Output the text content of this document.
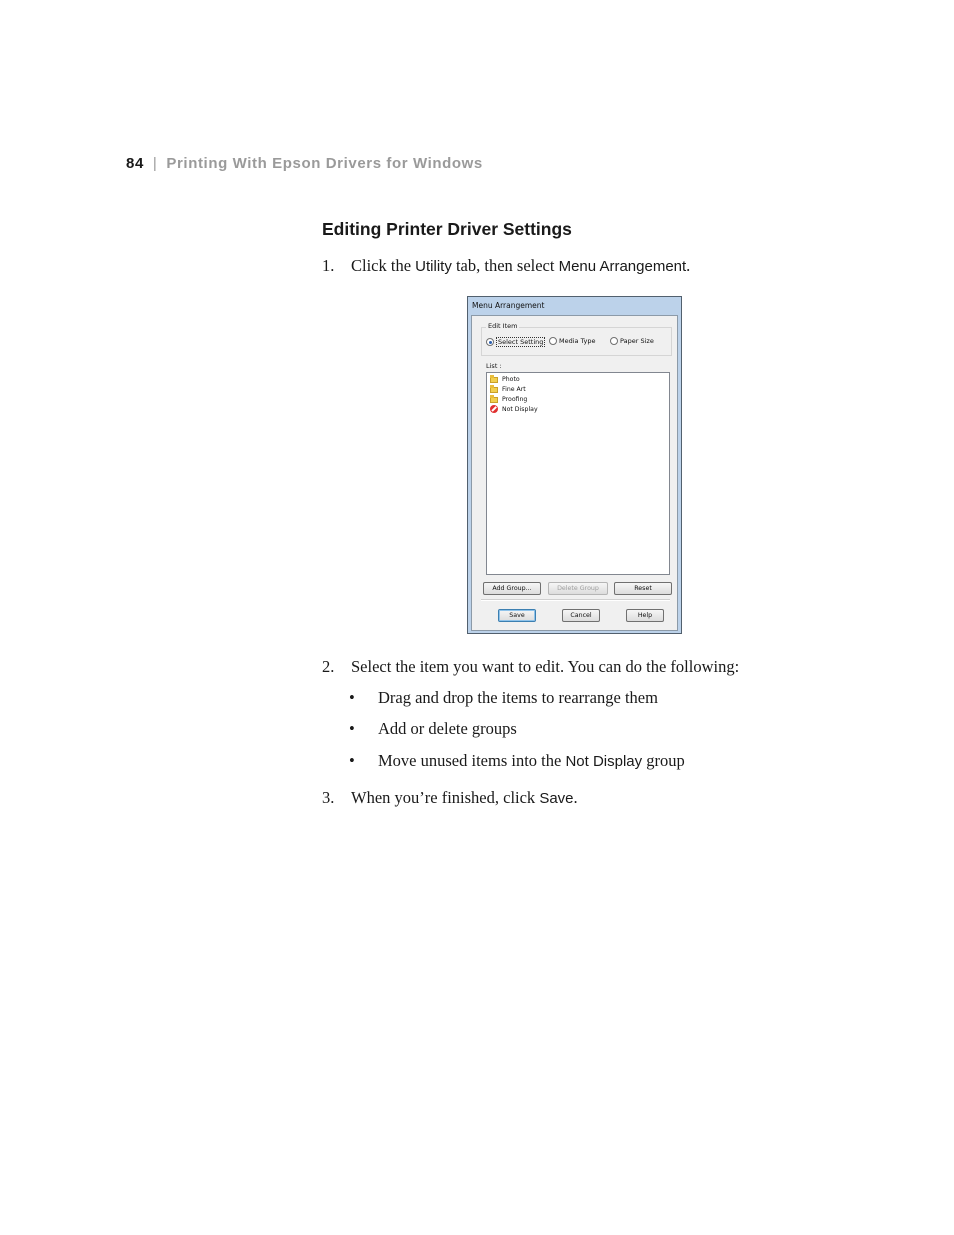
84 | Printing With Epson Drivers for Windows
Editing Printer Driver Settings
1. Click the Utility tab, then select Menu Arrangement.
Menu Arrangement
Edit Item
Select Setting	Media Type	Paper Size
List :
Photo
Fine Art
Proofing
Not Display
Add Group...	Delete Group	Reset
Save	Cancel	Help
2. Select the item you want to edit. You can do the following:
• Drag and drop the items to rearrange them
• Add or delete groups
• Move unused items into the Not Display group
3. When you’re finished, click Save.
